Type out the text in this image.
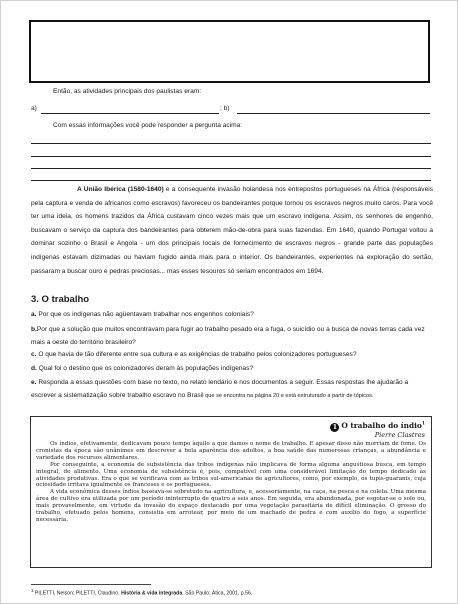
Então, as atividades principais dos paulistas eram:
a)	; b)
Com essas informações você pode responder a pergunta acima:
A União Ibérica (1580-1640) e a consequente invasão holandesa nos entrepostos portugueses na África (responsáveis pela captura e venda de africanos como escravos) favoreceu os bandeirantes porque tornou os escravos negros muito caros. Para você ter uma ideia, os homens trazidos da África custavam cinco vezes mais que um escravo indígena. Assim, os senhores de engenho, buscavam o serviço da captura dos bandeirantes para obterem mão-de-obra para suas fazendas. Em 1640, quando Portugal voltou a dominar sozinho o Brasil e Angola - um dos principais locais de fornecimento de escravos negros - grande parte das populações indígenas estavam dizimadas ou haviam fugido ainda mais para o interior. Os bandeirantes, experientes na exploração do sertão, passaram a buscar ouro e pedras preciosas... mas esses tesouros só seriam encontrados em 1694.
3. O trabalho
a. Por que os indígenas não agüentavam trabalhar nos engenhos coloniais?
b.Por que a solução que muitos encontravam para fugir ao trabalho pesado era a fuga, o suicídio ou a busca de novas terras cada vez mais a oeste do território brasileiro?
c. O que havia de tão diferente entre sua cultura e as exigências de trabalho pelos colonizadores portugueses?
d. Qual foi o destino que os colonizadores deram às populações indígenas?
e. Responda a essas questões com base no texto, no relato lendário e nos documentos a seguir. Essas respostas lhe ajudarão a escrever a sistematização sobre trabalho escravo no Brasil que se encontra na página 20 e está estruturado a partir de tópicos.
1 O trabalho do índio$^1$
Pierre Clastres

Os índios, efetivamente, dedicavam pouco tempo àquilo a que damos o nome de trabalho. E apesar disso não morriam de fome. Os cronistas da época são unânimes em descrever a bela aparência dos adultos, a boa saúde das numerosas crianças, a abundância e variedade dos recursos alimentares.

Por conseguinte, a economia de subsistência das tribos indígenas não implicava de forma alguma angustiosa busca, em tempo integral, de alimento. Uma economia de subsistência é, pois, compatível com uma considerável limitação do tempo dedicado às atividades produtivas. Era o que se verificava com as tribos sul-americanas de agricultores, como, por exemplo, os tupis-guaranis, cuja ociosidade irritava igualmente os franceses e os portugueses.

A vida econômica desses índios baseava-se sobretudo na agricultura, e, acessoriamente, na caça, na pesca e na coleta. Uma mesma área de cultivo era utilizada por um período ininterrupto de quatro a seis anos. Em seguida, era abandonada, por esgotar-se o solo ou, mais provavelmente, em virtude da invasão do espaço destacado por uma vegetação parasitária de difícil eliminação. O grosso do trabalho, efetuado pelos homens, consistia em arrotear, por meio de um machado de pedra e com auxílio do fogo, a superfície necessária.

$^1$ PILETTI, Nelson; PILETTI, Claudino. História & vida integrada. São Paulo: Ática, 2001. p.56.
